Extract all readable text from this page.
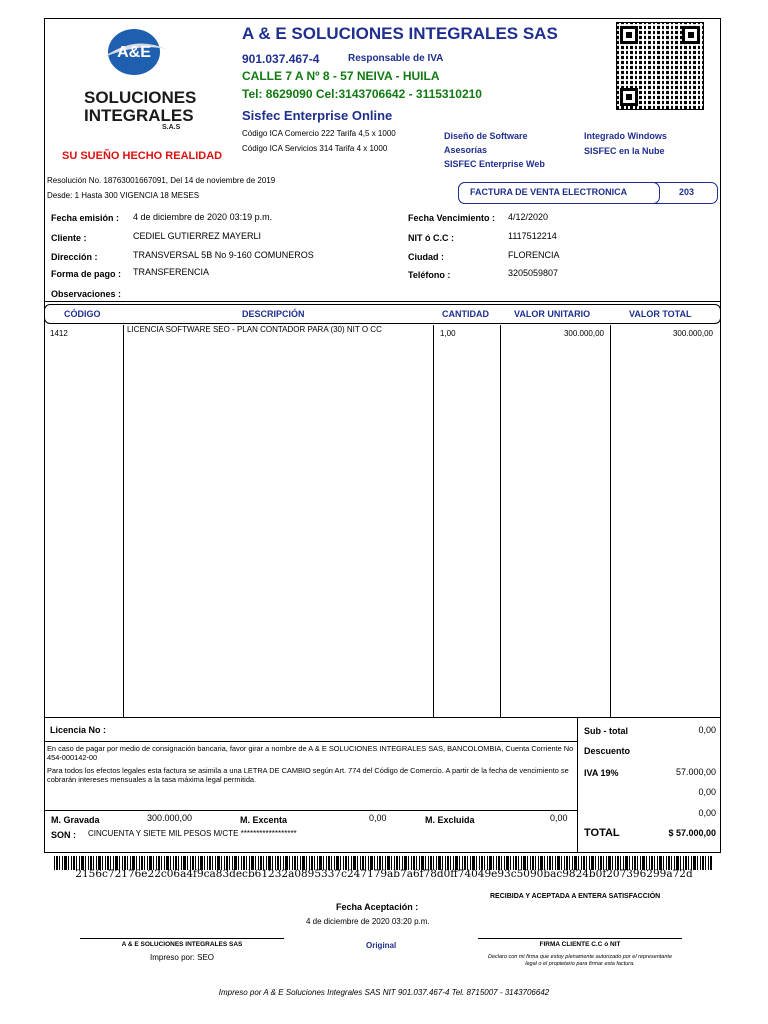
A&E
SOLUCIONES
INTEGRALES
S.A.S
SU SUEÑO HECHO REALIDAD
A & E SOLUCIONES INTEGRALES SAS
901.037.467-4	Responsable de IVA
CALLE 7 A Nº 8 - 57 NEIVA - HUILA
Tel: 8629090 Cel:3143706642 - 3115310210
Sisfec Enterprise Online
Código ICA Comercio 222 Tarifa 4,5 x 1000
Código ICA Servicios 314 Tarifa 4 x 1000
Diseño de Software
Asesorías
SISFEC Enterprise Web
Integrado Windows
SISFEC en la Nube
Resolución No. 18763001667091, Del 14 de noviembre de 2019
Desde: 1 Hasta 300 VIGENCIA 18 MESES	FACTURA DE VENTA ELECTRONICA	203
Fecha emisión : 4 de diciembre de 2020 03:19 p.m.
Cliente :	CEDIEL GUTIERREZ MAYERLI
Dirección :	TRANSVERSAL 5B No 9-160 COMUNEROS
Forma de pago : TRANSFERENCIA
Observaciones :
Fecha Vencimiento : 4/12/2020
NIT ó C.C :	1117512214
Ciudad :	FLORENCIA
Teléfono :	3205059807
CÓDIGO	DESCRIPCIÓN	CANTIDAD	VALOR UNITARIO	VALOR TOTAL
1412	LICENCIA SOFTWARE SEO - PLAN CONTADOR PARA (30) NIT O CC	1,00	300.000,00	300.000,00
Licencia No :
En caso de pagar por medio de consignación bancaria, favor girar a nombre de A & E SOLUCIONES INTEGRALES SAS, BANCOLOMBIA, Cuenta Corriente No 454-000142-00
Para todos los efectos legales esta factura se asimila a una LETRA DE CAMBIO según Art. 774 del Código de Comercio. A partir de la fecha de vencimiento se cobrarán intereses mensuales a la tasa máxima legal permitida.
M. Gravada	300.000,00	M. Excenta	0,00	M. Excluida	0,00
SON : CINCUENTA Y SIETE MIL PESOS M/CTE ******************
Sub - total	0,00
Descuento
IVA 19%	57.000,00
0,00
0,00
TOTAL	$ 57.000,00
2156c72176e22c06a4f9ca83decb61232a0895337c247179ab7a6f78d0ff74049e93c5090bac9824b0f207396299a72d
RECIBIDA Y ACEPTADA A ENTERA SATISFACCIÓN
Fecha Aceptación :
4 de diciembre de 2020 03:20 p.m.
A & E SOLUCIONES INTEGRALES SAS
Impreso por: SEO
Original	FIRMA CLIENTE C.C ó NIT
Declaro con mi firma que estoy plenamente autorizado por el representante legal o el propietario para firmar esta factura.
Impreso por A & E Soluciones Integrales SAS NIT 901.037.467-4 Tel. 8715007 - 3143706642
